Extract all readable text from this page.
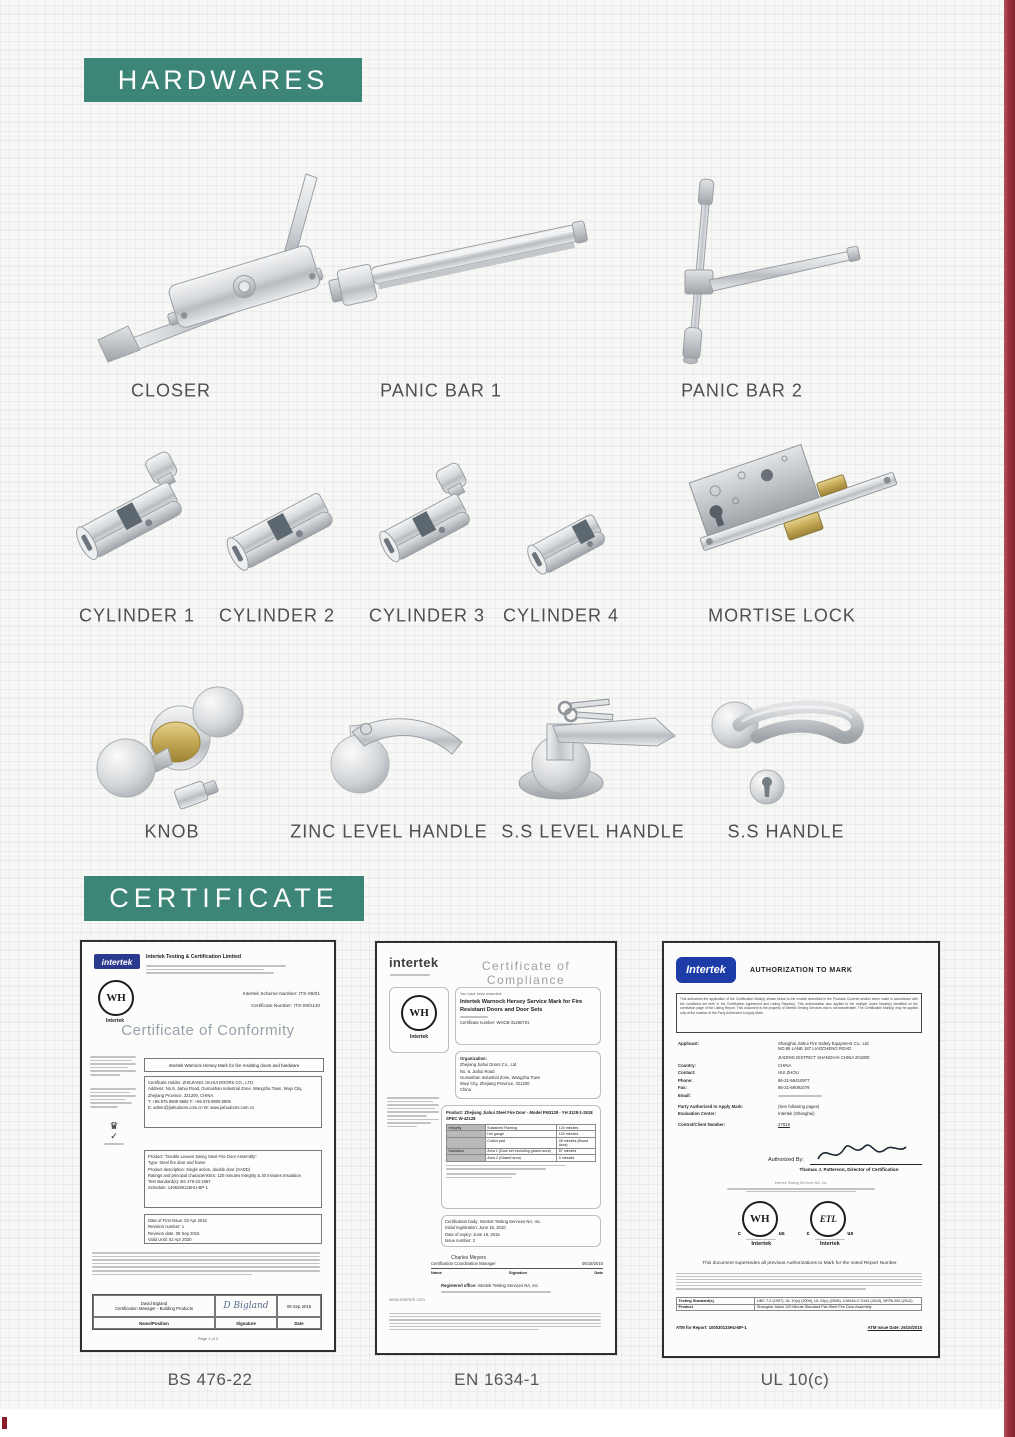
HARDWARES
CERTIFICATE
CLOSER	PANIC BAR 1	PANIC BAR 2
CYLINDER 1 CYLINDER 2 CYLINDER 3 CYLINDER 4	MORTISE LOCK
KNOB	ZINC LEVEL HANDLE S.S LEVEL HANDLE S.S HANDLE
intertek	Intertek Testing & Certification Limited
WH
Intertek
Intertek Scheme Number: ITS-09/01
Certificate Number: ITS-09/0140
Certificate of Conformity
♛
✓
Intertek Warnock Hersey Mark for fire resisting doors and hardware
Certificate Holder: ZHEJIANG JIAHUI DOORS CO., LTD.
Address: No.6, Jiahui Road, Gumashan Industrial Zone, Wangzha Town, Wuyi City, Zhejiang Province, 321200, CHINA.
T: +86 575 8909 6892 F: +86 575 8909 6905
E: admin@jiahudoors.com.cn W: www.jiahudoors.com.cn
Product: “Double Leaves Swing Steel Fire Door Assembly”
Type: Steel fire door and frame
Product description: Single action, double door (SADD)
Ratings and principal characteristics: 120 minutes Integrity & 30 minutes Insulation
Test standard(s): BS 476-22:1987
Schedule: 1406290125HU-BP-1
Date of First Issue: 02 Apr 2015
Revision number: 1
Revision date: 08 Sep 2015
Valid Until: 02 Apr 2020
David Bigland
Certification Manager - Building Products	D Bigland	08 Sep 2015
Name/Position	Signature	Date
Page 1 of 2
intertek	Certificate of Compliance
WH
Intertek
You have been awarded:
Intertek Warnock Hersey Service Mark for Fire Resistant Doors and Door Sets
Certificate number: WHCB-31260701
Organization:
Zhejiang Jiahui Doors Co., Ltd
No. 6, Jiahui Road
Gumashan Industrial Zone, Wangzha Town
Wuyi City, Zhejiang Province, 321200
China
Product: Zhejiang Jiahui Steel Fire Door - Model FM3128 - YH 3128-1-2518 SPEC W-42128
Integrity	Sustained Flaming	120 minutes
	Hot gauge	120 minutes
	Cotton pad	28 minutes (Board Area)
Insulation	Area 1 (Door set excluding glazed area)	87 minutes
	Area 2 (Glazed area)	5 minutes
Certification body: Intertek Testing Services NA, Inc.
Initial registration: June 18, 2010
Date of expiry: June 18, 2015
Issue number: 2
Charles Meyers
Certification Coordination Manager	06/19/2010
Name	Signature	Date
Registered office: Intertek Testing Services NA, Inc.
www.intertek.com
Intertek	AUTHORIZATION TO MARK
This authorizes the application of the Certification Mark(s) shown below to the models described in the Products Covered section when made in accordance with the conditions set forth in the Certification Agreement and Listing Report(s). This authorization also applies to the multiple Listee Model(s) identified on the correlation page of the Listing Report. This document is the property of Intertek Testing Services and is not transferable. The Certification Mark(s) may be applied only at the location of the Party Authorized to Apply Mark.
Applicant:	Shanghai Jiahui Fire Safety Equipment Co., Ltd
NO.86 LANE 187 LIAOCHENG ROAD
JIADING DISTRICT SHANGHAI CHINA 201800
Country:	CHINA
Contact:	HUI ZHOU
Phone:	86-21-59410977
Fax:	86-21-69091079
Email:
Party Authorized to Apply Mark:	(See following pages)
Evaluation Center:	Intertek (Shanghai)
Control/Client Number:	27819
Authorized By:
Thomas J. Patterson, Director of Certification
Intertek Testing Services NA, Inc.
c
WH
us
Intertek
c
ETL
us
Intertek
This document supersedes all previous Authorizations to Mark for the noted Report Number.
Testing Standard(s)	UBC 7-2 (1997), UL 10(c) (2009), UL 10(c) (2008), CAN/ULC S104 (2010), NFPA 252 (2012)
Product	Shanghai Jiahui 120 Minute Standard Flat Steel Fire Door Assembly
ATM for Report: 100030133HU-BP-1	ATM Issue Date: 26/10/2015
BS 476-22	EN 1634-1	UL 10(c)
